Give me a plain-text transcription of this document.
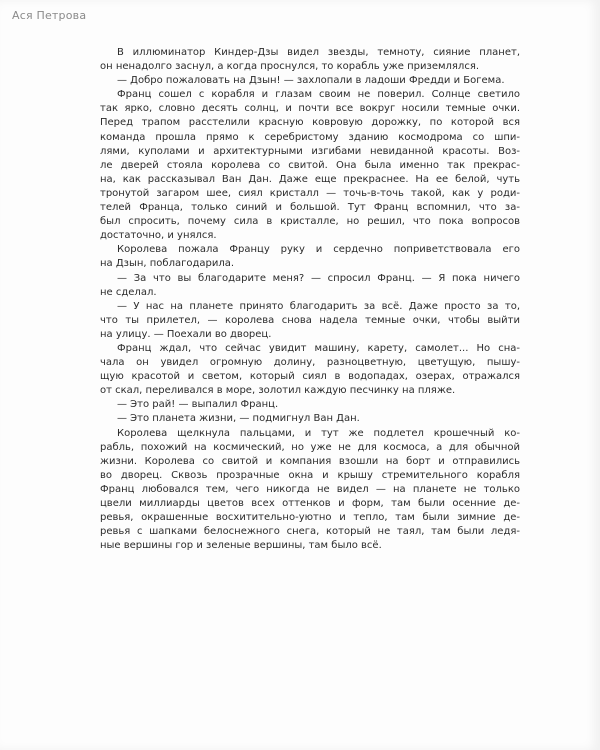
Ася Петрова
В иллюминатор Киндер-Дзы видел звезды, темноту, сияние планет,
он ненадолго заснул, а когда проснулся, то корабль уже приземлялся.
— Добро пожаловать на Дзын! — захлопали в ладоши Фредди и Богема.
Франц сошел с корабля и глазам своим не поверил. Солнце светило
так ярко, словно десять солнц, и почти все вокруг носили темные очки.
Перед трапом расстелили красную ковровую дорожку, по которой вся
команда прошла прямо к серебристому зданию космодрома со шпи-
лями, куполами и архитектурными изгибами невиданной красоты. Воз-
ле дверей стояла королева со свитой. Она была именно так прекрас-
на, как рассказывал Ван Дан. Даже еще прекраснее. На ее белой, чуть
тронутой загаром шее, сиял кристалл — точь-в-точь такой, как у роди-
телей Франца, только синий и большой. Тут Франц вспомнил, что за-
был спросить, почему сила в кристалле, но решил, что пока вопросов
достаточно, и унялся.
Королева пожала Францу руку и сердечно поприветствовала его
на Дзын, поблагодарила.
— За что вы благодарите меня? — спросил Франц. — Я пока ничего
не сделал.
— У нас на планете принято благодарить за всё. Даже просто за то,
что ты прилетел, — королева снова надела темные очки, чтобы выйти
на улицу. — Поехали во дворец.
Франц ждал, что сейчас увидит машину, карету, самолет... Но сна-
чала он увидел огромную долину, разноцветную, цветущую, пышу-
щую красотой и светом, который сиял в водопадах, озерах, отражался
от скал, переливался в море, золотил каждую песчинку на пляже.
— Это рай! — выпалил Франц.
— Это планета жизни, — подмигнул Ван Дан.
Королева щелкнула пальцами, и тут же подлетел крошечный ко-
рабль, похожий на космический, но уже не для космоса, а для обычной
жизни. Королева со свитой и компания взошли на борт и отправились
во дворец. Сквозь прозрачные окна и крышу стремительного корабля
Франц любовался тем, чего никогда не видел — на планете не только
цвели миллиарды цветов всех оттенков и форм, там были осенние де-
ревья, окрашенные восхитительно-уютно и тепло, там были зимние де-
ревья с шапками белоснежного снега, который не таял, там были ледя-
ные вершины гор и зеленые вершины, там было всё.
